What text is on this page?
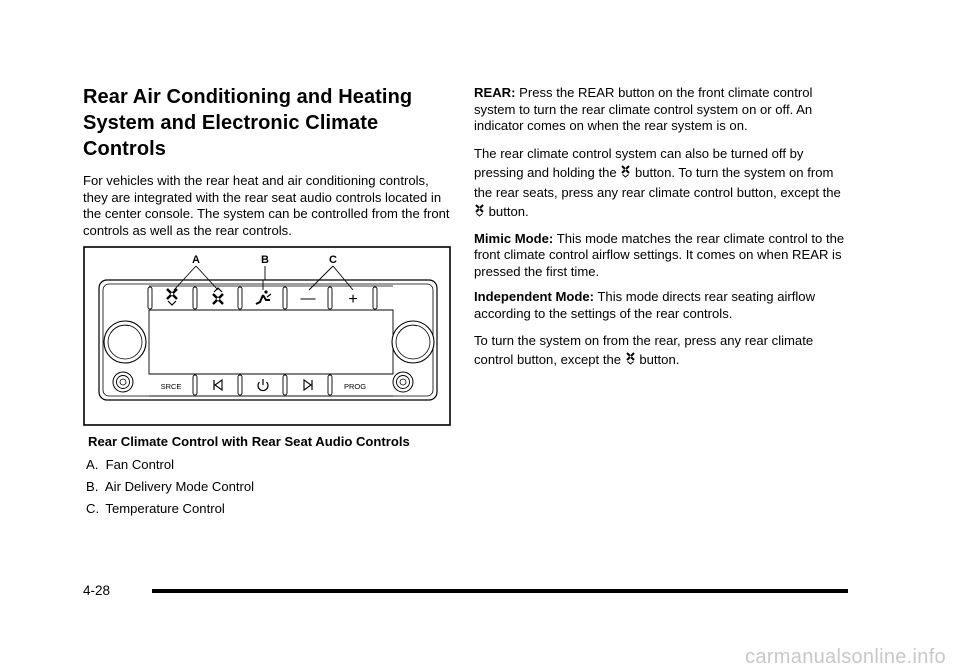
Rear Air Conditioning and Heating System and Electronic Climate Controls

For vehicles with the rear heat and air conditioning controls, they are integrated with the rear seat audio controls located in the center console. The system can be controlled from the front controls as well as the rear controls.

— +
SRCE	PROG
A	B	C
Rear Climate Control with Rear Seat Audio Controls
A. Fan Control
B. Air Delivery Mode Control
C. Temperature Control

REAR: Press the REAR button on the front climate control system to turn the rear climate control system on or off. An indicator comes on when the rear system is on.

The rear climate control system can also be turned off by pressing and holding the button. To turn the system on from the rear seats, press any rear climate control button, except the  button.

Mimic Mode: This mode matches the rear climate control to the front climate control airflow settings. It comes on when REAR is pressed the first time.

Independent Mode: This mode directs rear seating airflow according to the settings of the rear controls.

To turn the system on from the rear, press any rear climate control button, except the button.

4-28
carmanualsonline.info
